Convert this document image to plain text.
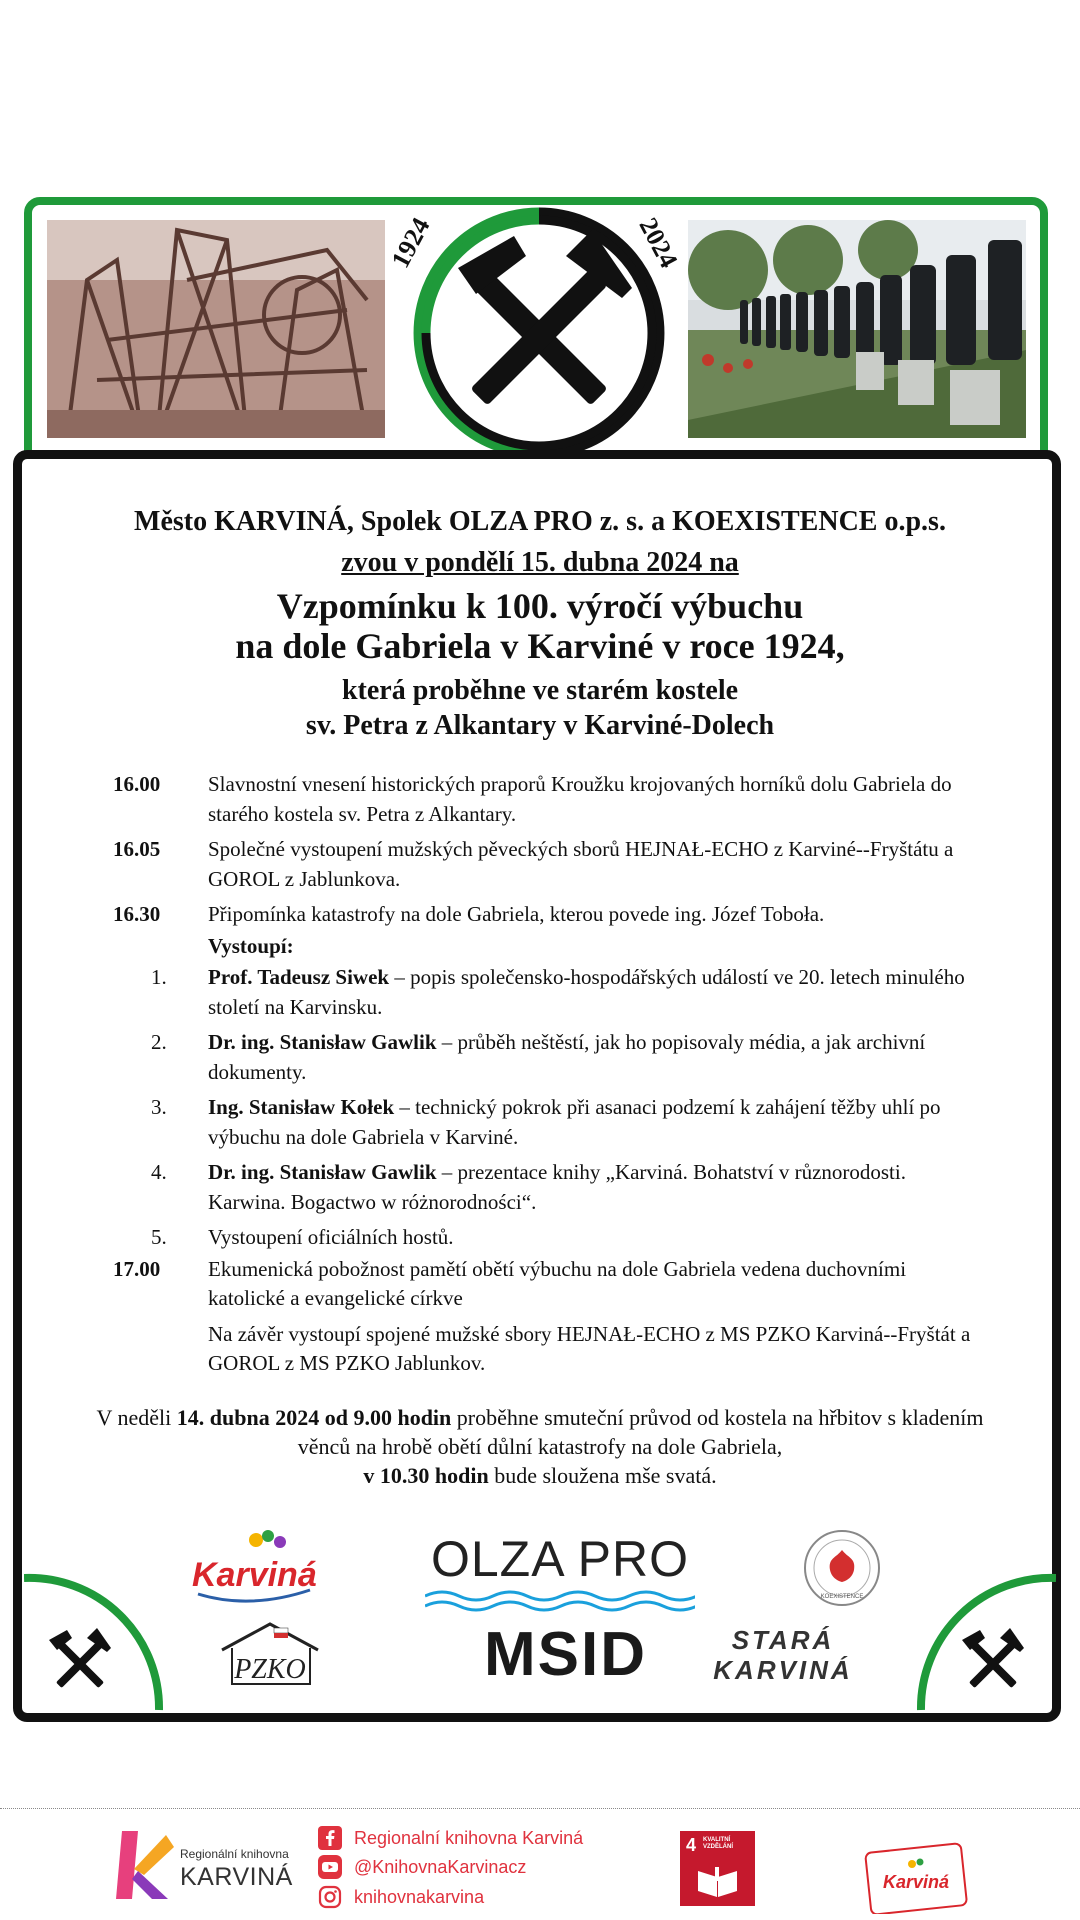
1924	2024
Město KARVINÁ, Spolek OLZA PRO z. s. a KOEXISTENCE o.p.s.
zvou v pondělí 15. dubna 2024 na
Vzpomínku k 100. výročí výbuchu
na dole Gabriela v Karviné v roce 1924,
která proběhne ve starém kostele
sv. Petra z Alkantary v Karviné-Dolech
16.00	Slavnostní vnesení historických praporů Kroužku krojovaných horníků dolu Gabriela do starého kostela sv. Petra z Alkantary.
16.05	Společné vystoupení mužských pěveckých sborů HEJNAŁ-ECHO z Karviné--Fryštátu a GOROL z Jablunkova.
16.30	Připomínka katastrofy na dole Gabriela, kterou povede ing. Józef Toboła.
Vystoupí:
1.	Prof. Tadeusz Siwek – popis společensko-hospodářských událostí ve 20. letech minulého století na Karvinsku.
2.	Dr. ing. Stanisław Gawlik – průběh neštěstí, jak ho popisovaly média, a jak archivní dokumenty.
3.	Ing. Stanisław Kołek – technický pokrok při asanaci podzemí k zahájení těžby uhlí po výbuchu na dole Gabriela v Karviné.
4.	Dr. ing. Stanisław Gawlik – prezentace knihy „Karviná. Bohatství v různorodosti. Karwina. Bogactwo w różnorodności“.
5.	Vystoupení oficiálních hostů.
17.00	Ekumenická pobožnost pamětí obětí výbuchu na dole Gabriela vedena duchovními katolické a evangelické církve
Na závěr vystoupí spojené mužské sbory HEJNAŁ-ECHO z MS PZKO Karviná--Fryštát a GOROL z MS PZKO Jablunkov.
V neděli 14. dubna 2024 od 9.00 hodin proběhne smuteční průvod od kostela na hřbitov s kladením věnců na hrobě obětí důlní katastrofy na dole Gabriela,
v 10.30 hodin bude sloužena mše svatá.
Karviná OLZA PRO
KOEXISTENCE
PZKO	MSID	STARÁ
KARVINÁ
Regionální knihovna
KARVINÁ
Regionalní knihovna Karviná
@KnihovnaKarvinacz
knihovnakarvina
4 KVALITNÍ VZDĚLÁNÍ
Karviná
